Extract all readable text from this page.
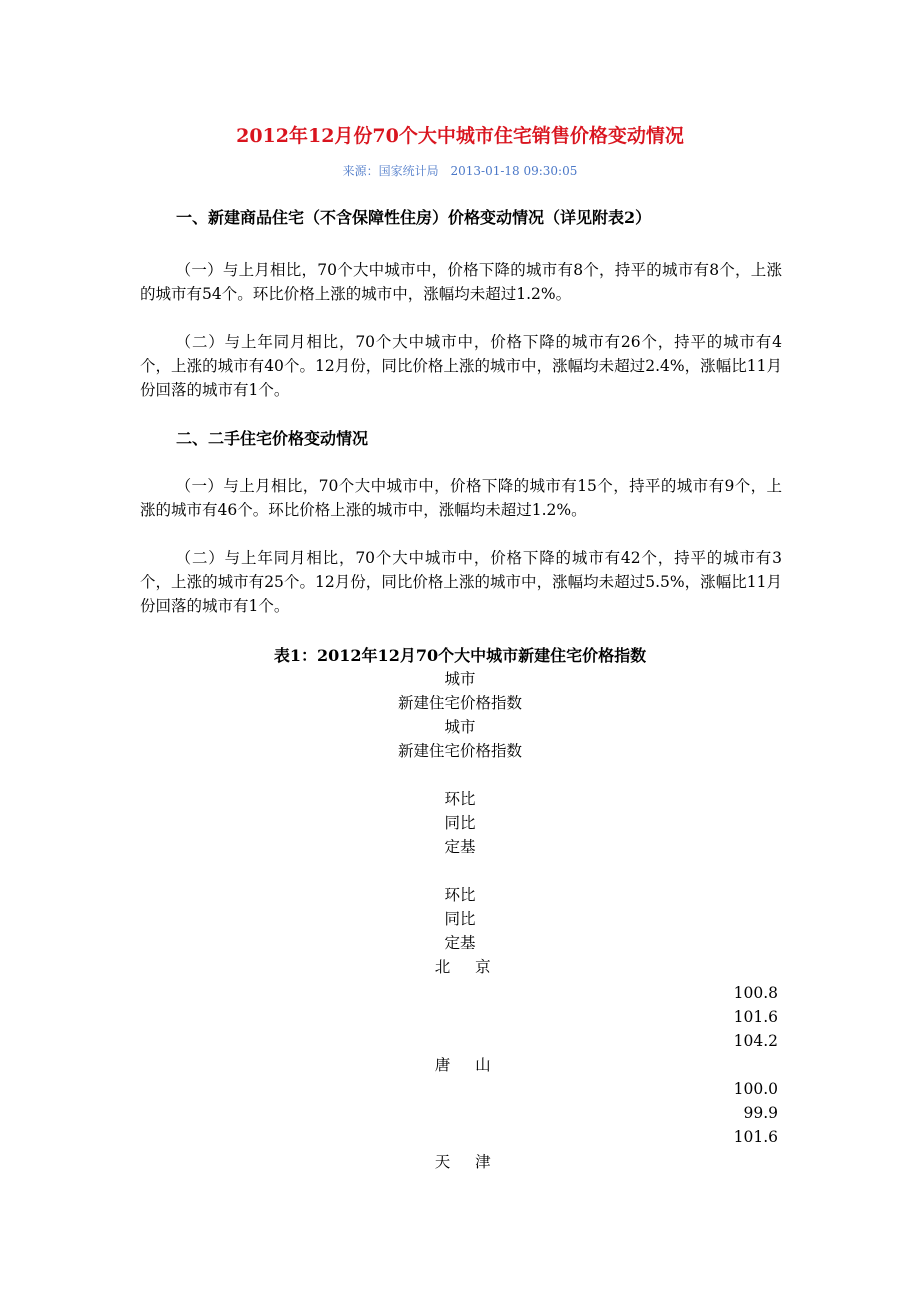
2012年12月份70个大中城市住宅销售价格变动情况
来源：国家统计局 2013-01-18 09:30:05
一、新建商品住宅（不含保障性住房）价格变动情况（详见附表2）
（一）与上月相比，70个大中城市中，价格下降的城市有8个，持平的城市有8个，上涨的城市有54个。环比价格上涨的城市中，涨幅均未超过1.2%。
（二）与上年同月相比，70个大中城市中，价格下降的城市有26个，持平的城市有4个，上涨的城市有40个。12月份，同比价格上涨的城市中，涨幅均未超过2.4%，涨幅比11月份回落的城市有1个。
二、二手住宅价格变动情况
（一）与上月相比，70个大中城市中，价格下降的城市有15个，持平的城市有9个，上涨的城市有46个。环比价格上涨的城市中，涨幅均未超过1.2%。
（二）与上年同月相比，70个大中城市中，价格下降的城市有42个，持平的城市有3个，上涨的城市有25个。12月份，同比价格上涨的城市中，涨幅均未超过5.5%，涨幅比11月份回落的城市有1个。
表1：2012年12月70个大中城市新建住宅价格指数
城市
新建住宅价格指数
城市
新建住宅价格指数
环比
同比
定基
环比
同比
定基
北京
100.8
101.6
104.2
唐山
100.0
99.9
101.6
天津
